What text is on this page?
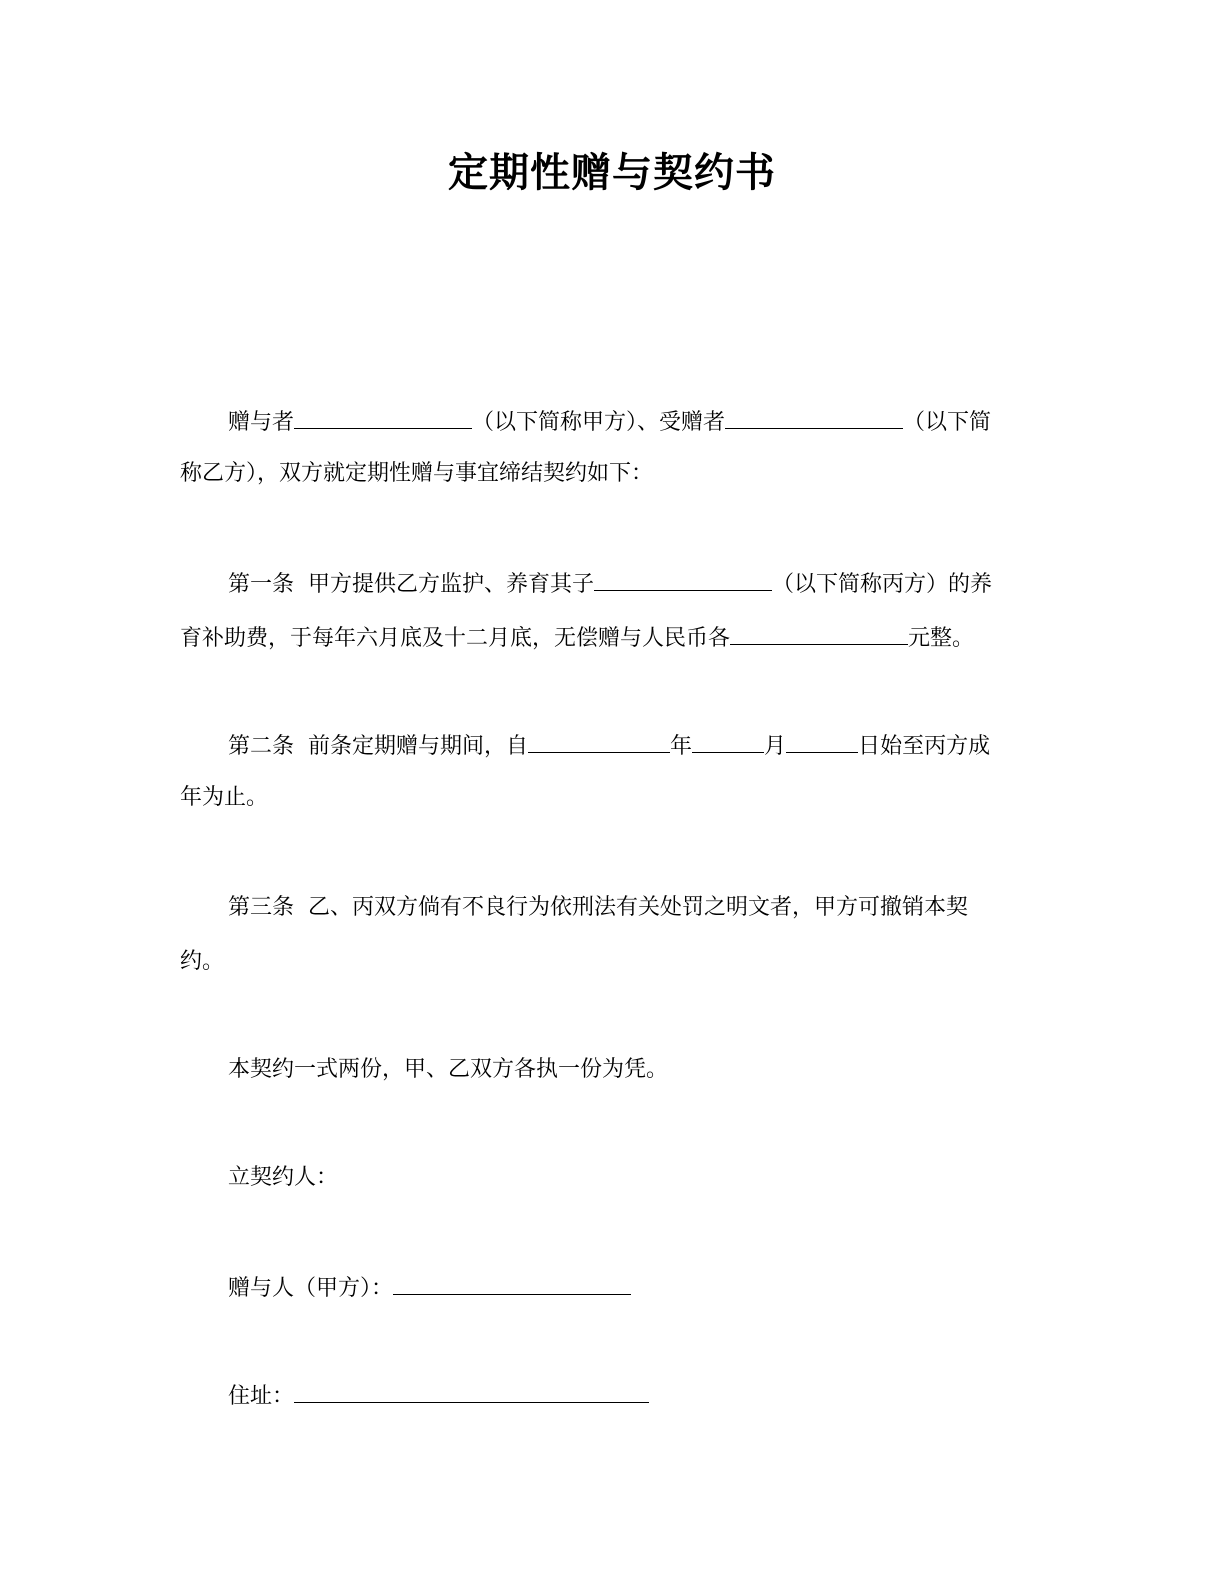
定期性赠与契约书

赠与者	（以下简称甲方）、受赠者	（以下简

称乙方），双方就定期性赠与事宜缔结契约如下：

第一条 甲方提供乙方监护、养育其子	（以下简称丙方）的养

育补助费，于每年六月底及十二月底，无偿赠与人民币各	元整。

第二条 前条定期赠与期间，自	年	月	日始至丙方成

年为止。

第三条 乙、丙双方倘有不良行为依刑法有关处罚之明文者，甲方可撤销本契

约。

本契约一式两份，甲、乙双方各执一份为凭。

立契约人：

赠与人（甲方）：

住址：
